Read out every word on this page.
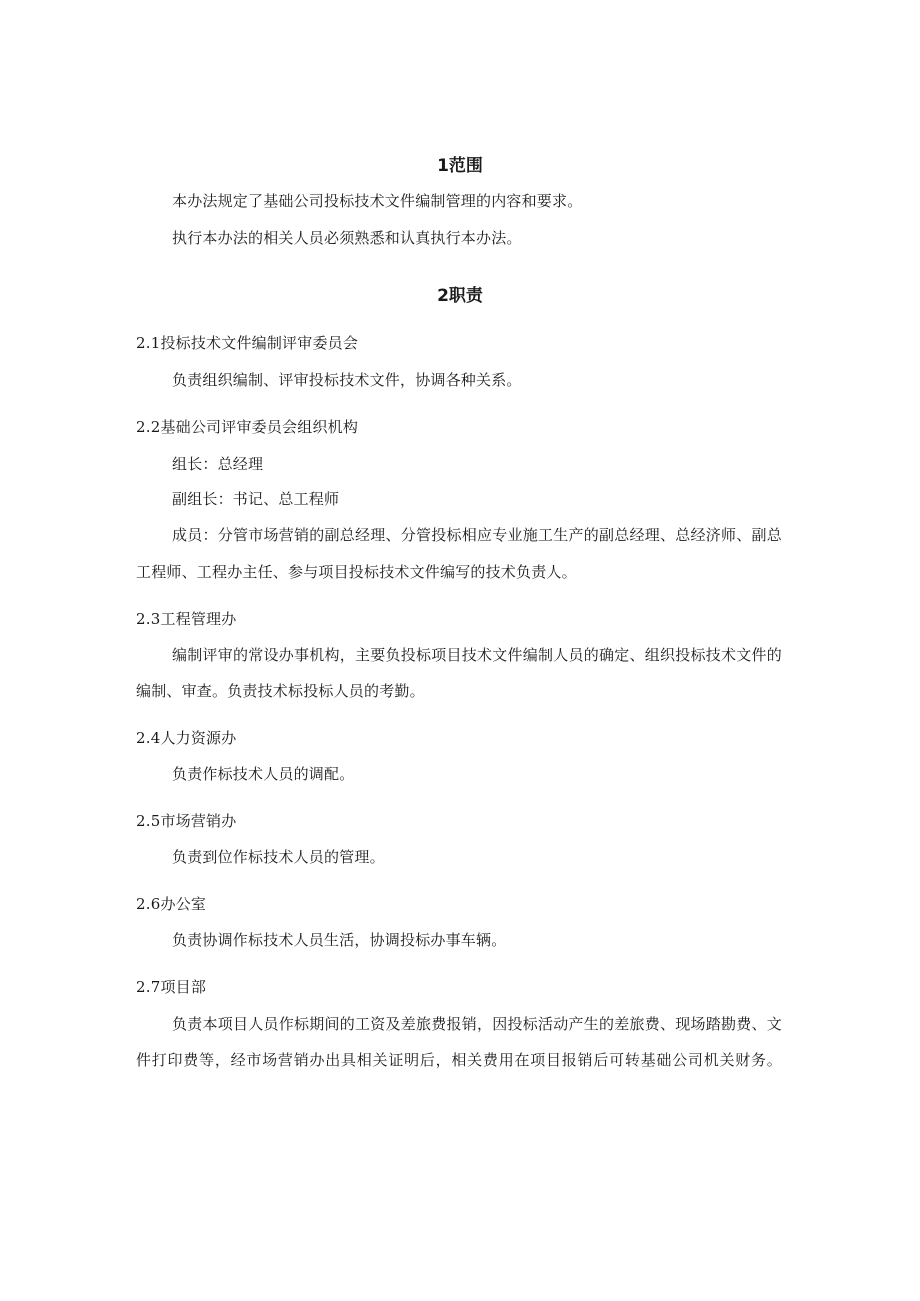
1范围

本办法规定了基础公司投标技术文件编制管理的内容和要求。

执行本办法的相关人员必须熟悉和认真执行本办法。

2职责

2.1投标技术文件编制评审委员会

负责组织编制、评审投标技术文件，协调各种关系。

2.2基础公司评审委员会组织机构

组长：总经理

副组长：书记、总工程师

成员：分管市场营销的副总经理、分管投标相应专业施工生产的副总经理、总经济师、副总

工程师、工程办主任、参与项目投标技术文件编写的技术负责人。

2.3工程管理办

编制评审的常设办事机构，主要负投标项目技术文件编制人员的确定、组织投标技术文件的

编制、审查。负责技术标投标人员的考勤。

2.4人力资源办

负责作标技术人员的调配。

2.5市场营销办

负责到位作标技术人员的管理。

2.6办公室

负责协调作标技术人员生活，协调投标办事车辆。

2.7项目部

负责本项目人员作标期间的工资及差旅费报销，因投标活动产生的差旅费、现场踏勘费、文

件打印费等，经市场营销办出具相关证明后，相关费用在项目报销后可转基础公司机关财务。
